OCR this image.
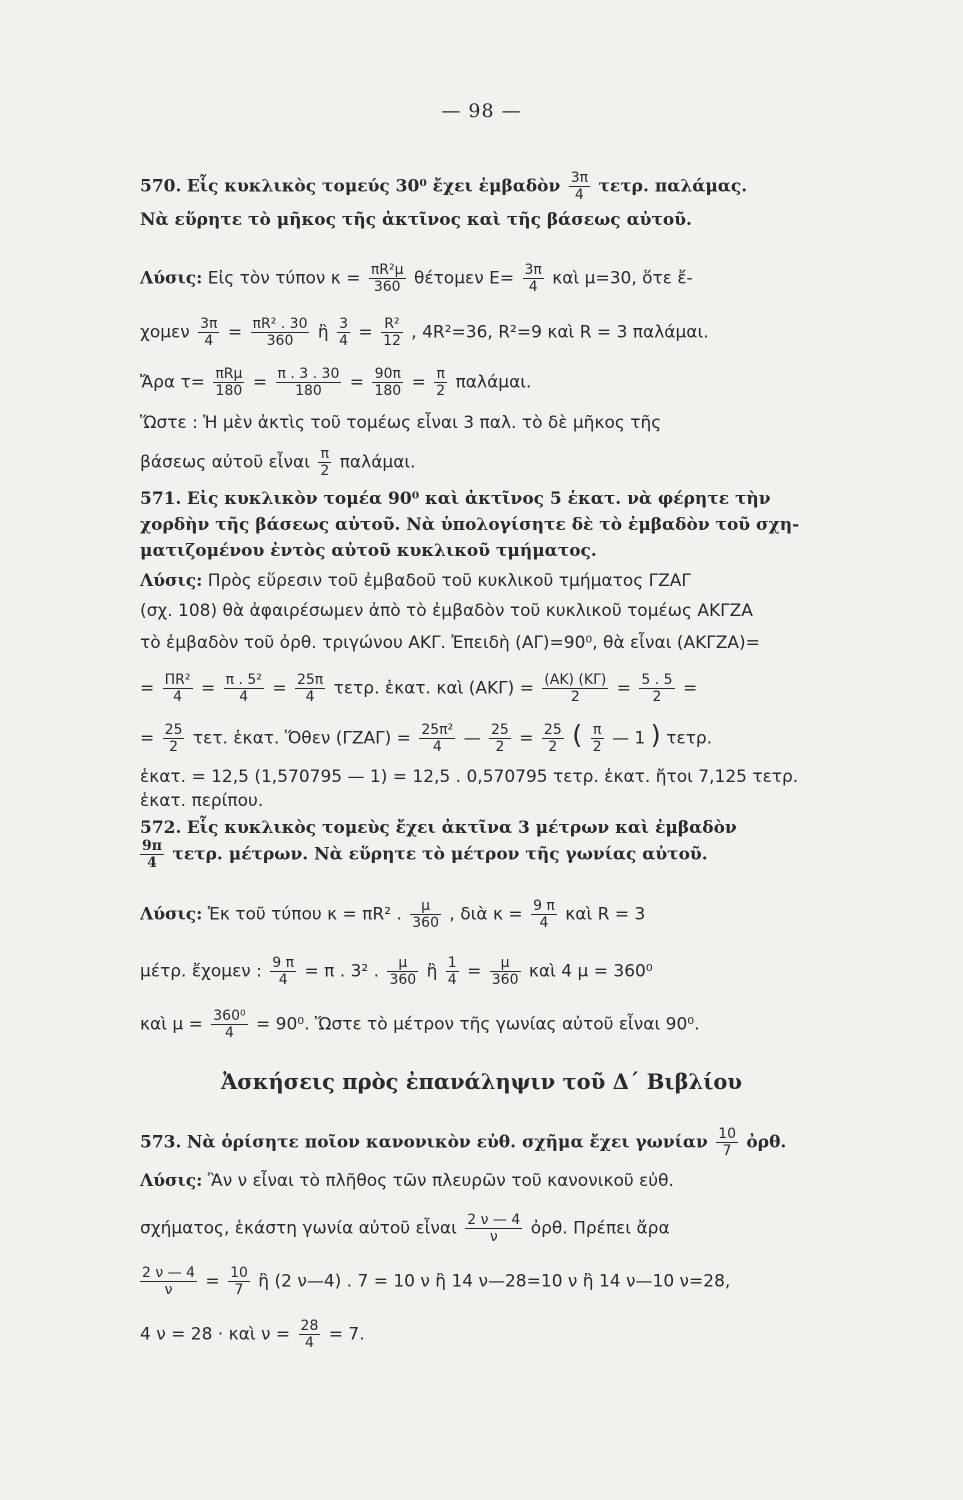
— 98 —
570. Εἷς κυκλικὸς τομεύς 30⁰ ἔχει ἐμβαδὸν $\frac{3\pi}{4} \tau\varepsilon\tau\rho$. παλάμας.
Νὰ εὕρητε τὸ μῆκος τῆς ἀκτῖνος καὶ τῆς βάσεως αὐτοῦ.
Λύσις: Εἰς τὸν τύπον $\kappa = \frac{\text{πR²μ}}{360}$ θέτομεν $E= \frac{3\pi}{4}$ καὶ μ=30, ὅτε ἔ-
χομεν $\frac{3\pi}{4} = \frac{\text{πR² . 30}}{360}$ ἢ $\frac{3}{4} = \frac{\text{R²}}{12}$ , 4R²=36, R²=9 καὶ R = 3 παλάμαι.
Ἄρα τ= πRμ
$180 = \frac{\pi . 3 . 30}{180} = \frac{90\pi}{180} = \frac{\pi}{2} \pi\alpha\lambda ά\mu\alpha\iota$.
Ὥστε : Ἡ μὲν ἀκτὶς τοῦ τομέως εἶναι 3 παλ. τὸ δὲ μῆκος τῆς
βάσεως αὐτοῦ εἶναι $\frac{\pi}{2} \pi\alpha\lambda ά\mu\alpha\iota$.
571. Εἰς κυκλικὸν τομέα 90⁰ καὶ ἀκτῖνος 5 ἑκατ. νὰ φέρητε τὴν
χορδὴν τῆς βάσεως αὐτοῦ. Νὰ ὑπολογίσητε δὲ τὸ ἐμβαδὸν τοῦ σχη-
ματιζομένου ἐντὸς αὐτοῦ κυκλικοῦ τμήματος.
Λύσις: Πρὸς εὕρεσιν τοῦ ἐμβαδοῦ τοῦ κυκλικοῦ τμήματος ΓΖΑΓ
(σχ. 108) θὰ ἀφαιρέσωμεν ἀπὸ τὸ ἐμβαδὸν τοῦ κυκλικοῦ τομέως ΑΚΓΖΑ
τὸ ἐμβαδὸν τοῦ ὀρθ. τριγώνου ΑΚΓ. Ἐπειδὴ (ΑΓ)=90⁰, θὰ εἶναι (ΑΚΓΖΑ)=
= $\frac{\text{ΠR²}}{4} = \frac{\text{π . 5²}}{4} = \frac{25\pi}{4} \tau\varepsilon\tau\rho$. ἑκατ. καὶ $(AK\Gamma) = \frac{(AK) (K\Gamma)}{2} = \frac{5 . 5}{2}$ =
= $\frac{25}{2} \tau\varepsilon\tau$. ἑκατ. Ὅθεν $(\Gamma ZA\Gamma) = \frac{\text{25π²}}{4}$ — $\frac{25}{2} = \frac{25}{2}$ ( $\frac{\pi}{2}$ — 1 ) τετρ.
ἑκατ. = 12,5 (1,570795 — 1) = 12,5 . 0,570795 τετρ. ἑκατ. ἤτοι 7,125 τετρ.
ἑκατ. περίπου.
572. Εἷς κυκλικὸς τομεὺς ἔχει ἀκτῖνα 3 μέτρων καὶ ἐμβαδὸν
$\frac{9\pi}{4} \tau\varepsilon\tau\rho$. μέτρων. Νὰ εὕρητε τὸ μέτρον τῆς γωνίας αὐτοῦ.
Λύσις: Ἐκ τοῦ τύπου κ = πR² . $\frac{\mu}{360}$ , διὰ $\kappa = \frac{9 \pi}{4}$ καὶ R = 3
μέτρ. ἔχομεν : $\frac{9 \pi}{4} = \pi$ . 3² . $\frac{\mu}{360}$ ἢ $\frac{1}{4} = \frac{\mu}{360}$ καὶ 4 μ = 360⁰
καὶ $\mu = \frac{\text{360⁰}}{4} = 90^0$. Ὥστε τὸ μέτρον τῆς γωνίας αὐτοῦ εἶναι 90⁰.
Ἀσκήσεις πρὸς ἐπανάληψιν τοῦ Δ΄ Βιβλίου
573. Νὰ ὁρίσητε ποῖον κανονικὸν εὐθ. σχῆμα ἔχει γωνίαν $\frac{10}{7}$ ὀρθ.
Λύσις: Ἂν ν εἶναι τὸ πλῆθος τῶν πλευρῶν τοῦ κανονικοῦ εὐθ.
σχήματος, ἑκάστη γωνία αὐτοῦ εἶναι $\frac{2 \nu — 4}{\nu}$ ὀρθ. Πρέπει ἄρα
$\frac{2 \nu — 4}{\nu} = \frac{10}{7}$ ἢ (2 ν—4) . 7 = 10 ν ἢ 14 ν—28=10 ν ἢ 14 ν—10 ν=28,
4 ν = 28 · καὶ $\nu = \frac{28}{4} = 7$.
